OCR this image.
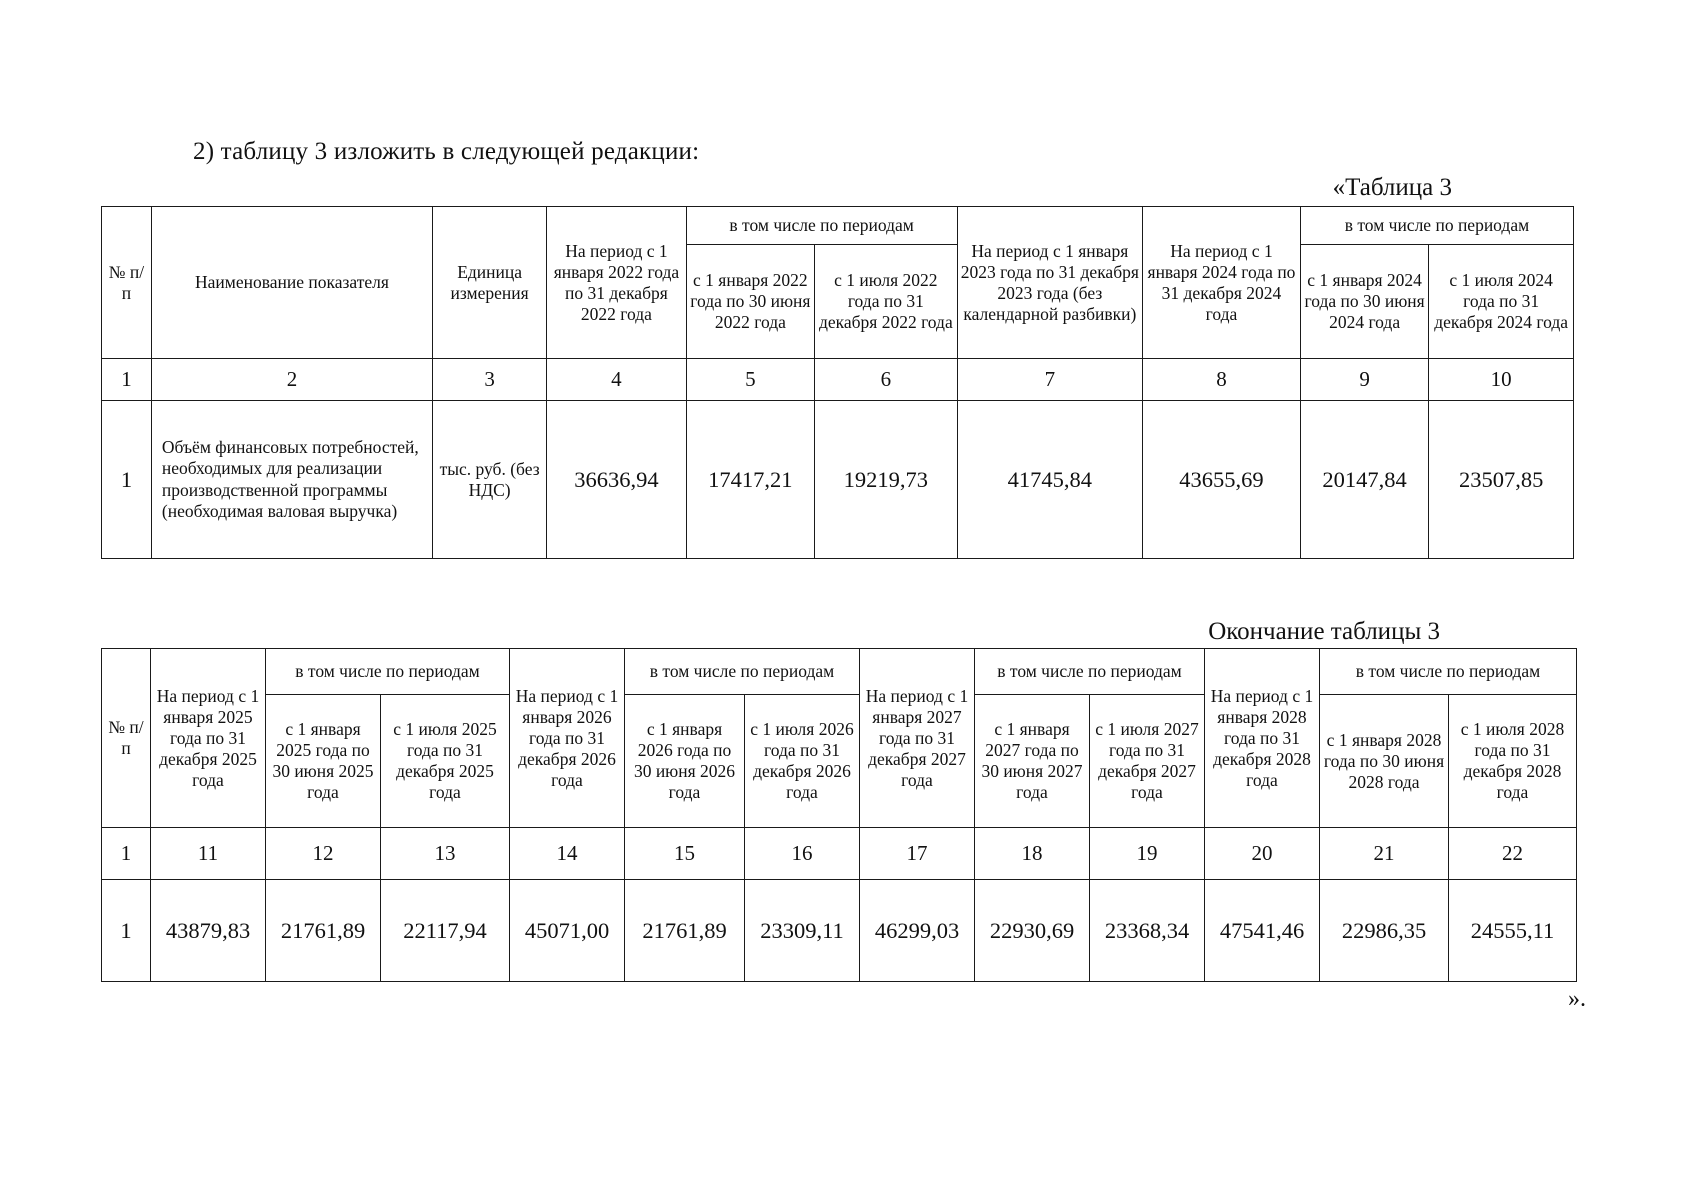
2) таблицу 3 изложить в следующей редакции:
«Таблица 3
№ п/п	Наименование показателя	Единица измерения	На период с 1 января 2022 года по 31 декабря 2022 года	в том числе по периодам		На период с 1 января 2023 года по 31 декабря 2023 года (без календарной разбивки)	На период с 1 января 2024 года по 31 декабря 2024 года	в том числе по периодам	
				с 1 января 2022 года по 30 июня 2022 года	с 1 июля 2022 года по 31 декабря 2022 года			с 1 января 2024 года по 30 июня 2024 года	с 1 июля 2024 года по 31 декабря 2024 года
1	2	3	4	5	6	7	8	9	10
1	Объём финансовых потребностей, необходимых для реализации производственной программы (необходимая валовая выручка)	тыс. руб. (без НДС)	36636,94	17417,21	19219,73	41745,84	43655,69	20147,84	23507,85
Окончание таблицы 3
№ п/п	На период с 1 января 2025 года по 31 декабря 2025 года	в том числе по периодам		На период с 1 января 2026 года по 31 декабря 2026 года	в том числе по периодам		На период с 1 января 2027 года по 31 декабря 2027 года	в том числе по периодам		На период с 1 января 2028 года по 31 декабря 2028 года	в том числе по периодам	
		с 1 января 2025 года по 30 июня 2025 года	с 1 июля 2025 года по 31 декабря 2025 года		с 1 января 2026 года по 30 июня 2026 года	с 1 июля 2026 года по 31 декабря 2026 года		с 1 января 2027 года по 30 июня 2027 года	с 1 июля 2027 года по 31 декабря 2027 года		с 1 января 2028 года по 30 июня 2028 года	с 1 июля 2028 года по 31 декабря 2028 года
1	11	12	13	14	15	16	17	18	19	20	21	22
1	43879,83	21761,89	22117,94	45071,00	21761,89	23309,11	46299,03	22930,69	23368,34	47541,46	22986,35	24555,11
».
